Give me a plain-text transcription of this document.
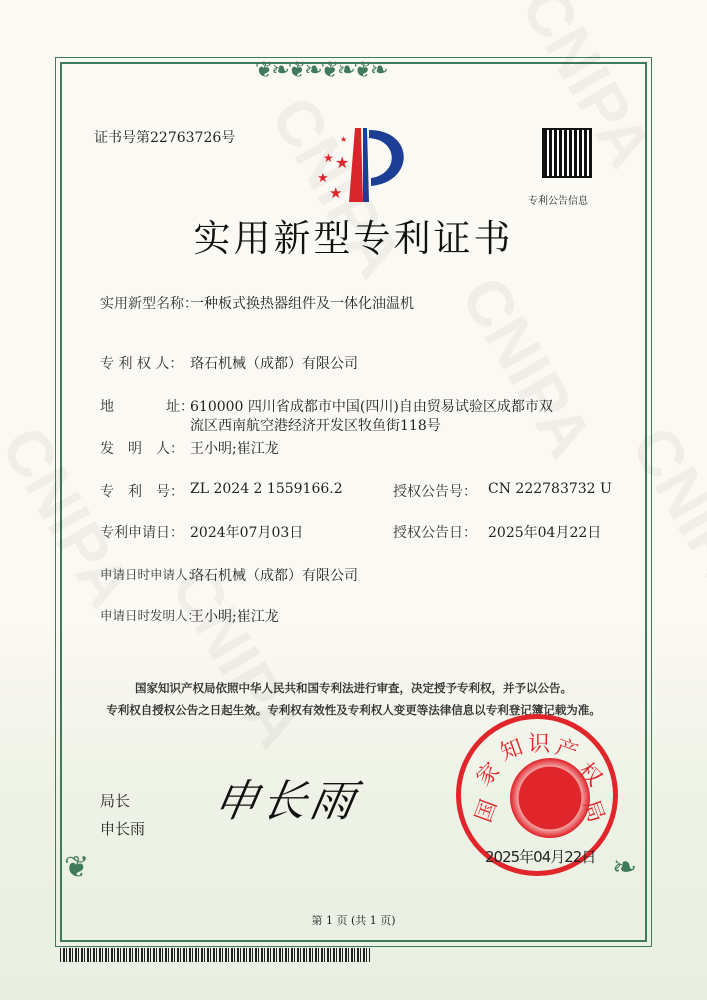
❦❧❦❧❦❧❦❧
❦	❧
证书号第22763726号	★
★ ★
★
★	专利公告信息
实用新型专利证书
实用新型名称：
一种板式换热器组件及一体化油温机
专 利 权 人： 珞石机械（成都）有限公司
地	址：
610000 四川省成都市中国(四川)自由贸易试验区成都市双
流区西南航空港经济开发区牧鱼街118号
发　明　人： 王小明;崔江龙
专　利　号： ZL 2024 2 1559166.2	授权公告号： CN 222783732 U
专利申请日： 2024年07月03日	授权公告日： 2025年04月22日
申请日时申请人：
珞石机械（成都）有限公司
申请日时发明人：
王小明;崔江龙
国家知识产权局依照中华人民共和国专利法进行审查，决定授予专利权，并予以公告。
专利权自授权公告之日起生效。专利权有效性及专利权人变更等法律信息以专利登记簿记载为准。
局长
申长雨
申长雨	国
家
知 识 产
权
局
2025年04月22日
第 1 页 (共 1 页)
